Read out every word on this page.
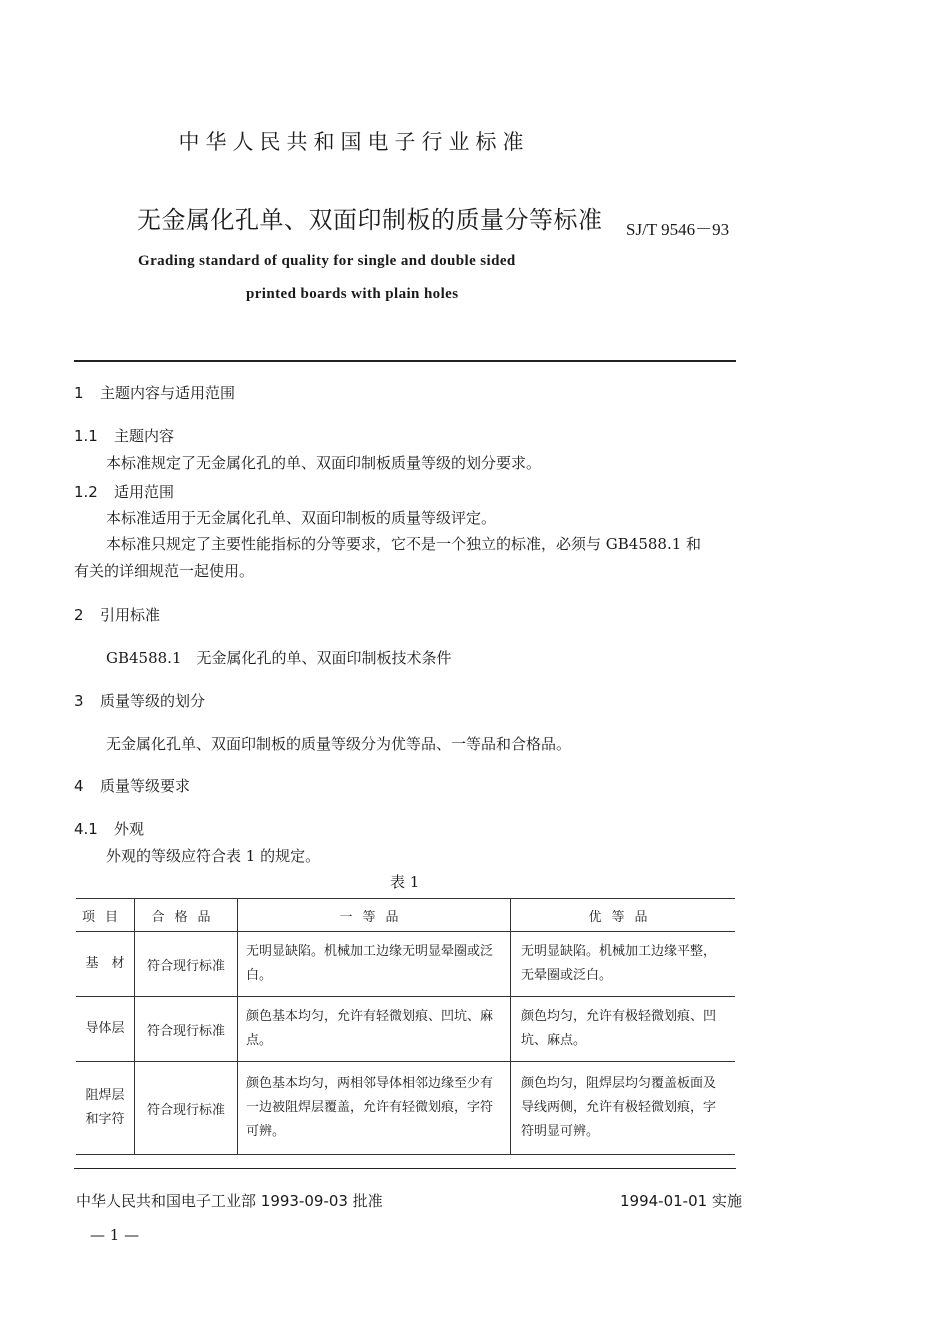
中华人民共和国电子行业标准
无金属化孔单、双面印制板的质量分等标准 SJ/T 9546－93
Grading standard of quality for single and double sided
printed boards with plain holes
1 主题内容与适用范围
1.1 主题内容
本标准规定了无金属化孔的单、双面印制板质量等级的划分要求。
1.2 适用范围
本标准适用于无金属化孔单、双面印制板的质量等级评定。
本标准只规定了主要性能指标的分等要求，它不是一个独立的标准，必须与 GB4588.1 和
有关的详细规范一起使用。
2 引用标准
GB4588.1　无金属化孔的单、双面印制板技术条件
3 质量等级的划分
无金属化孔单、双面印制板的质量等级分为优等品、一等品和合格品。
4 质量等级要求
4.1 外观
外观的等级应符合表 1 的规定。
表 1
项目	合格品	一等品	优等品
基　材	符合现行标准	无明显缺陷。机械加工边缘无明显晕圈或泛白。	无明显缺陷。机械加工边缘平整，无晕圈或泛白。
导体层	符合现行标准	颜色基本均匀，允许有轻微划痕、凹坑、麻点。	颜色均匀，允许有极轻微划痕、凹坑、麻点。

阻焊层
和字符	符合现行标准	颜色基本均匀，两相邻导体相邻边缘至少有一边被阻焊层覆盖，允许有轻微划痕，字符可辨。	颜色均匀，阻焊层均匀覆盖板面及导线两侧，允许有极轻微划痕，字符明显可辨。
中华人民共和国电子工业部 1993-09-03 批准	1994-01-01 实施
— 1 —
